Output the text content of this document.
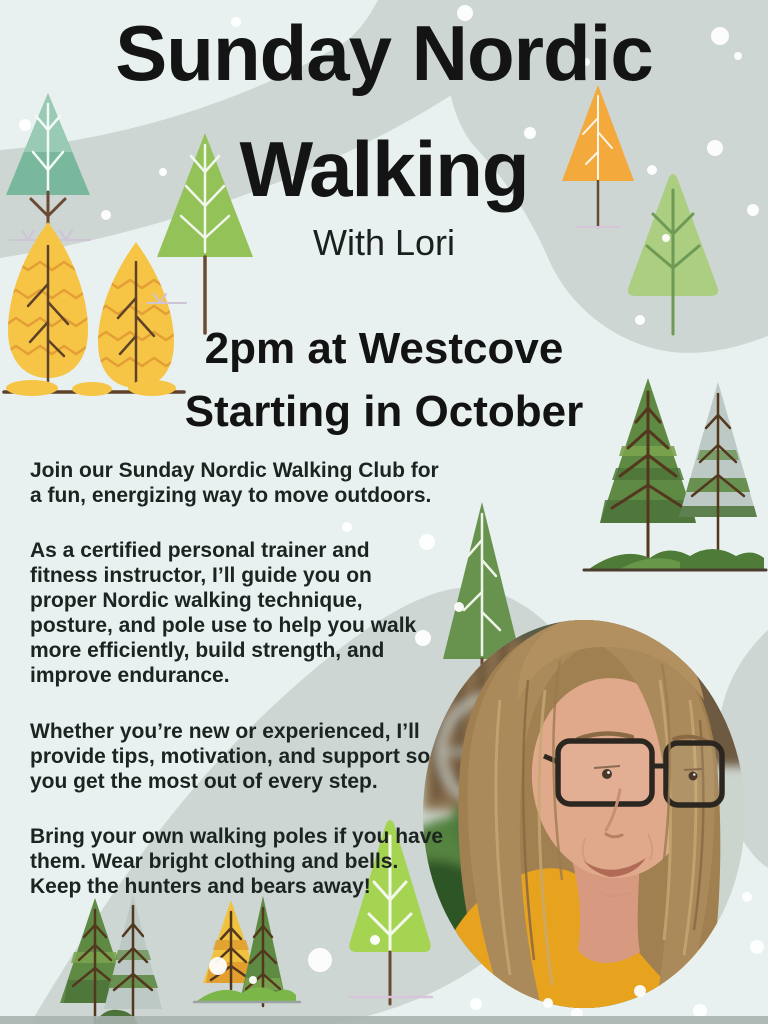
Sunday Nordic
Walking
With Lori
2pm at Westcove
Starting in October
Join our Sunday Nordic Walking Club for
a fun, energizing way to move outdoors.
As a certified personal trainer and
fitness instructor, I’ll guide you on
proper Nordic walking technique,
posture, and pole use to help you walk
more efficiently, build strength, and
improve endurance.
Whether you’re new or experienced, I’ll
provide tips, motivation, and support so
you get the most out of every step.
Bring your own walking poles if you have
them. Wear bright clothing and bells.
Keep the hunters and bears away!
